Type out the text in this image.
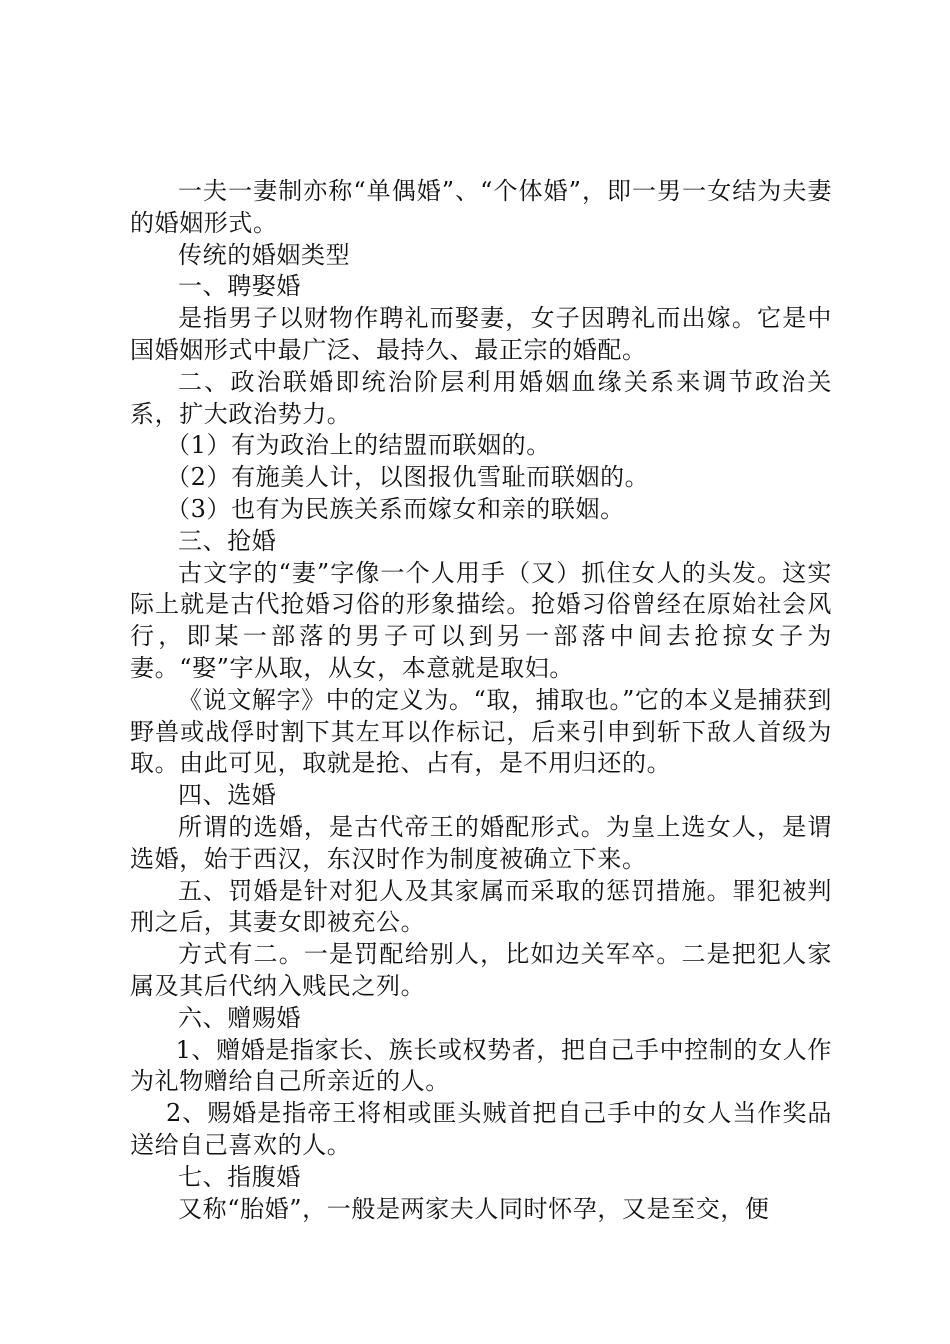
一夫一妻制亦称“单偶婚”、“个体婚”，即一男一女结为夫妻的婚姻形式。

传统的婚姻类型

一、聘娶婚

是指男子以财物作聘礼而娶妻，女子因聘礼而出嫁。它是中国婚姻形式中最广泛、最持久、最正宗的婚配。

二、政治联婚即统治阶层利用婚姻血缘关系来调节政治关系，扩大政治势力。

（1）有为政治上的结盟而联姻的。

（2）有施美人计，以图报仇雪耻而联姻的。

（3）也有为民族关系而嫁女和亲的联姻。

三、抢婚

古文字的“妻”字像一个人用手（又）抓住女人的头发。这实际上就是古代抢婚习俗的形象描绘。抢婚习俗曾经在原始社会风行，即某一部落的男子可以到另一部落中间去抢掠女子为妻。“娶”字从取，从女，本意就是取妇。

《说文解字》中的定义为。“取，捕取也。”它的本义是捕获到野兽或战俘时割下其左耳以作标记，后来引申到斩下敌人首级为取。由此可见，取就是抢、占有，是不用归还的。

四、选婚

所谓的选婚，是古代帝王的婚配形式。为皇上选女人，是谓选婚，始于西汉，东汉时作为制度被确立下来。

五、罚婚是针对犯人及其家属而采取的惩罚措施。罪犯被判刑之后，其妻女即被充公。

方式有二。一是罚配给别人，比如边关军卒。二是把犯人家属及其后代纳入贱民之列。

六、赠赐婚

1、赠婚是指家长、族长或权势者，把自己手中控制的女人作为礼物赠给自己所亲近的人。

2、赐婚是指帝王将相或匪头贼首把自己手中的女人当作奖品送给自己喜欢的人。

七、指腹婚

又称“胎婚”，一般是两家夫人同时怀孕，又是至交，便
